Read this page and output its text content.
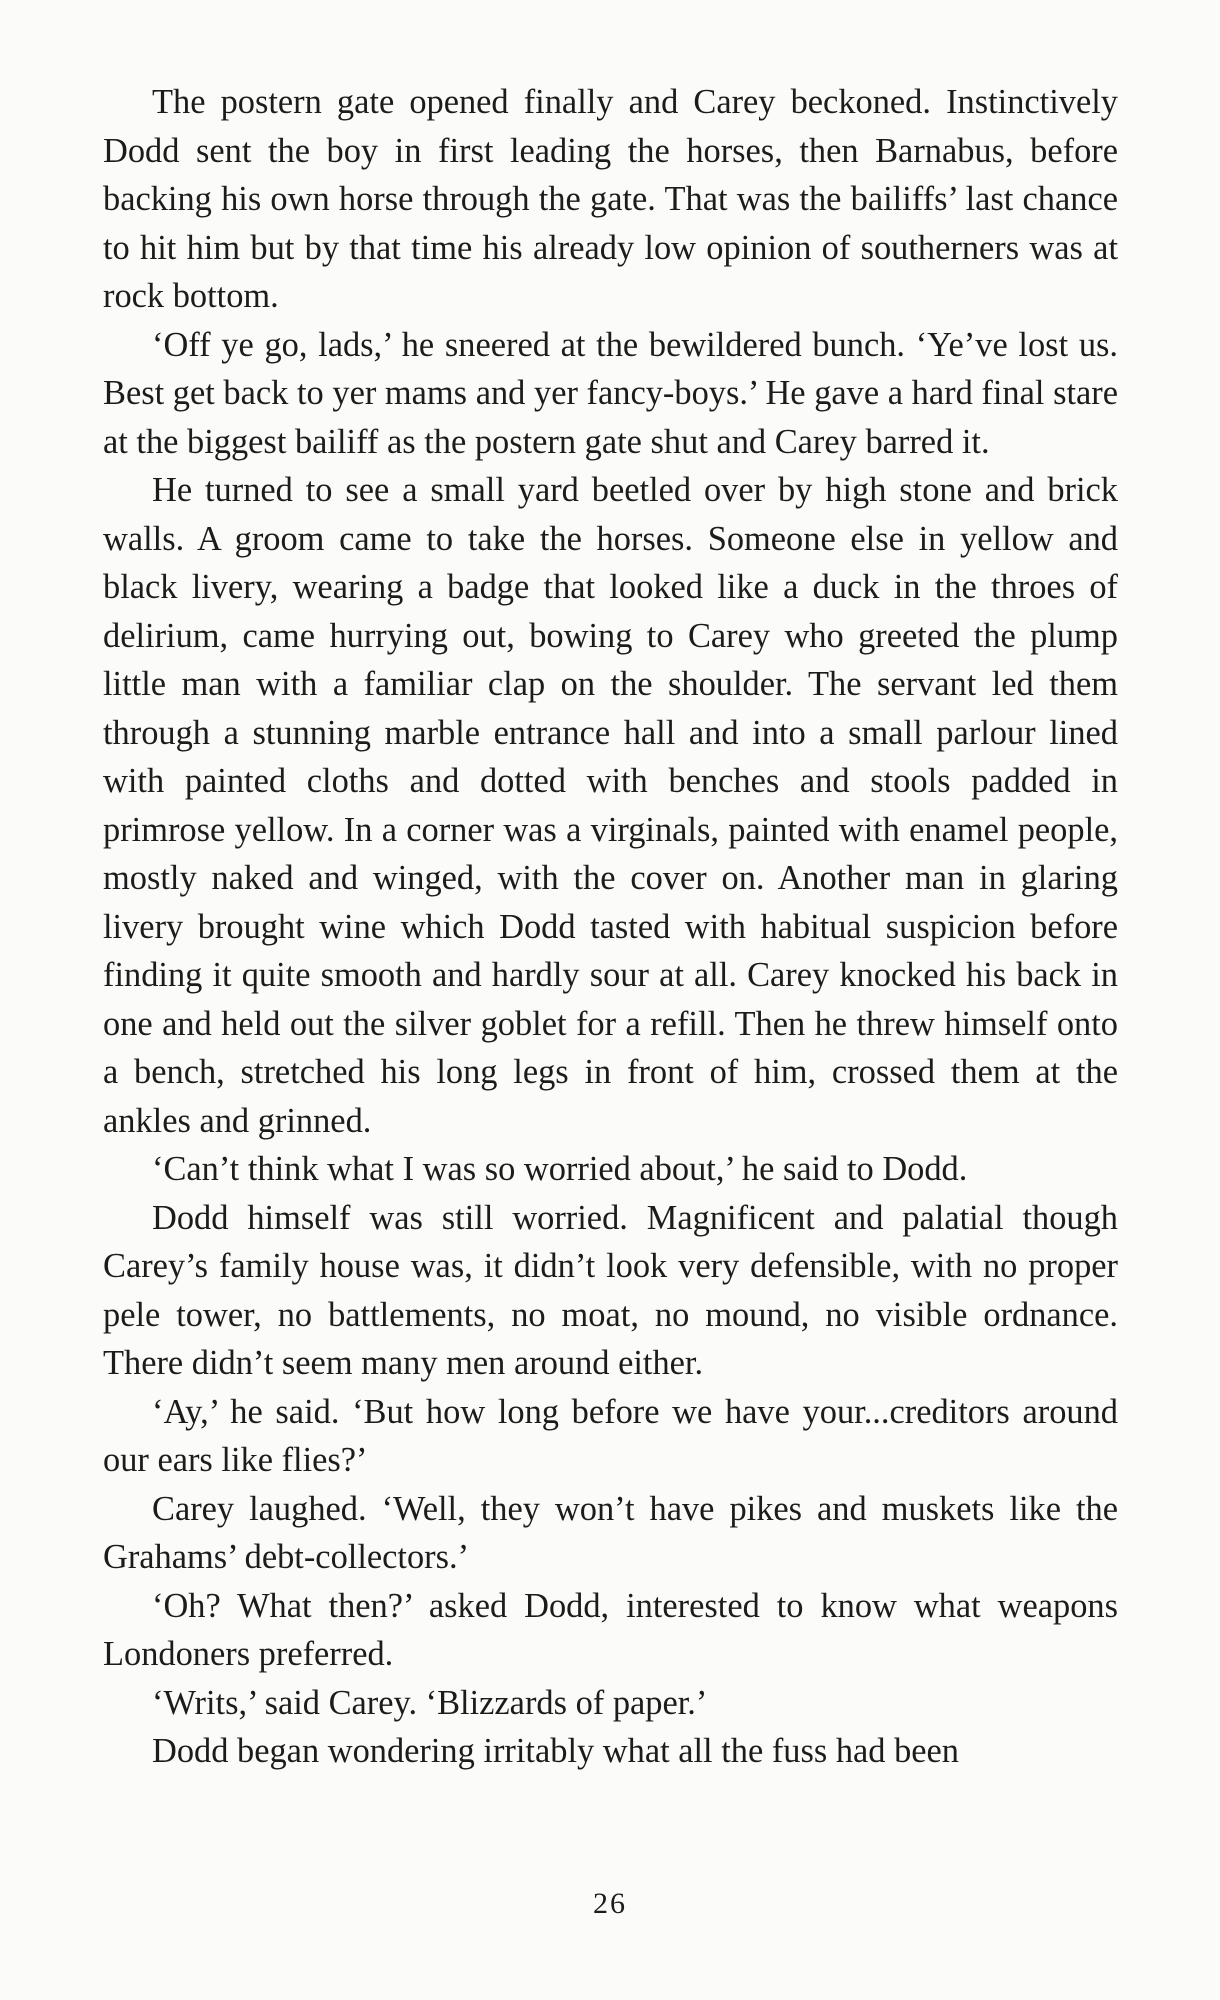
The postern gate opened finally and Carey beckoned. Instinctively Dodd sent the boy in first leading the horses, then Barnabus, before backing his own horse through the gate. That was the bailiffs’ last chance to hit him but by that time his already low opinion of southerners was at rock bottom.

‘Off ye go, lads,’ he sneered at the bewildered bunch. ‘Ye’ve lost us. Best get back to yer mams and yer fancy-boys.’ He gave a hard final stare at the biggest bailiff as the postern gate shut and Carey barred it.

He turned to see a small yard beetled over by high stone and brick walls. A groom came to take the horses. Someone else in yellow and black livery, wearing a badge that looked like a duck in the throes of delirium, came hurrying out, bowing to Carey who greeted the plump little man with a familiar clap on the shoulder. The servant led them through a stunning marble entrance hall and into a small parlour lined with painted cloths and dotted with benches and stools padded in primrose yellow. In a corner was a virginals, painted with enamel people, mostly naked and winged, with the cover on. Another man in glaring livery brought wine which Dodd tasted with habitual suspicion before finding it quite smooth and hardly sour at all. Carey knocked his back in one and held out the silver goblet for a refill. Then he threw himself onto a bench, stretched his long legs in front of him, crossed them at the ankles and grinned.

‘Can’t think what I was so worried about,’ he said to Dodd.

Dodd himself was still worried. Magnificent and palatial though Carey’s family house was, it didn’t look very defensible, with no proper pele tower, no battlements, no moat, no mound, no visible ordnance. There didn’t seem many men around either.

‘Ay,’ he said. ‘But how long before we have your...creditors around our ears like flies?’

Carey laughed. ‘Well, they won’t have pikes and muskets like the Grahams’ debt-collectors.’

‘Oh? What then?’ asked Dodd, interested to know what weapons Londoners preferred.

‘Writs,’ said Carey. ‘Blizzards of paper.’

Dodd began wondering irritably what all the fuss had been

26
